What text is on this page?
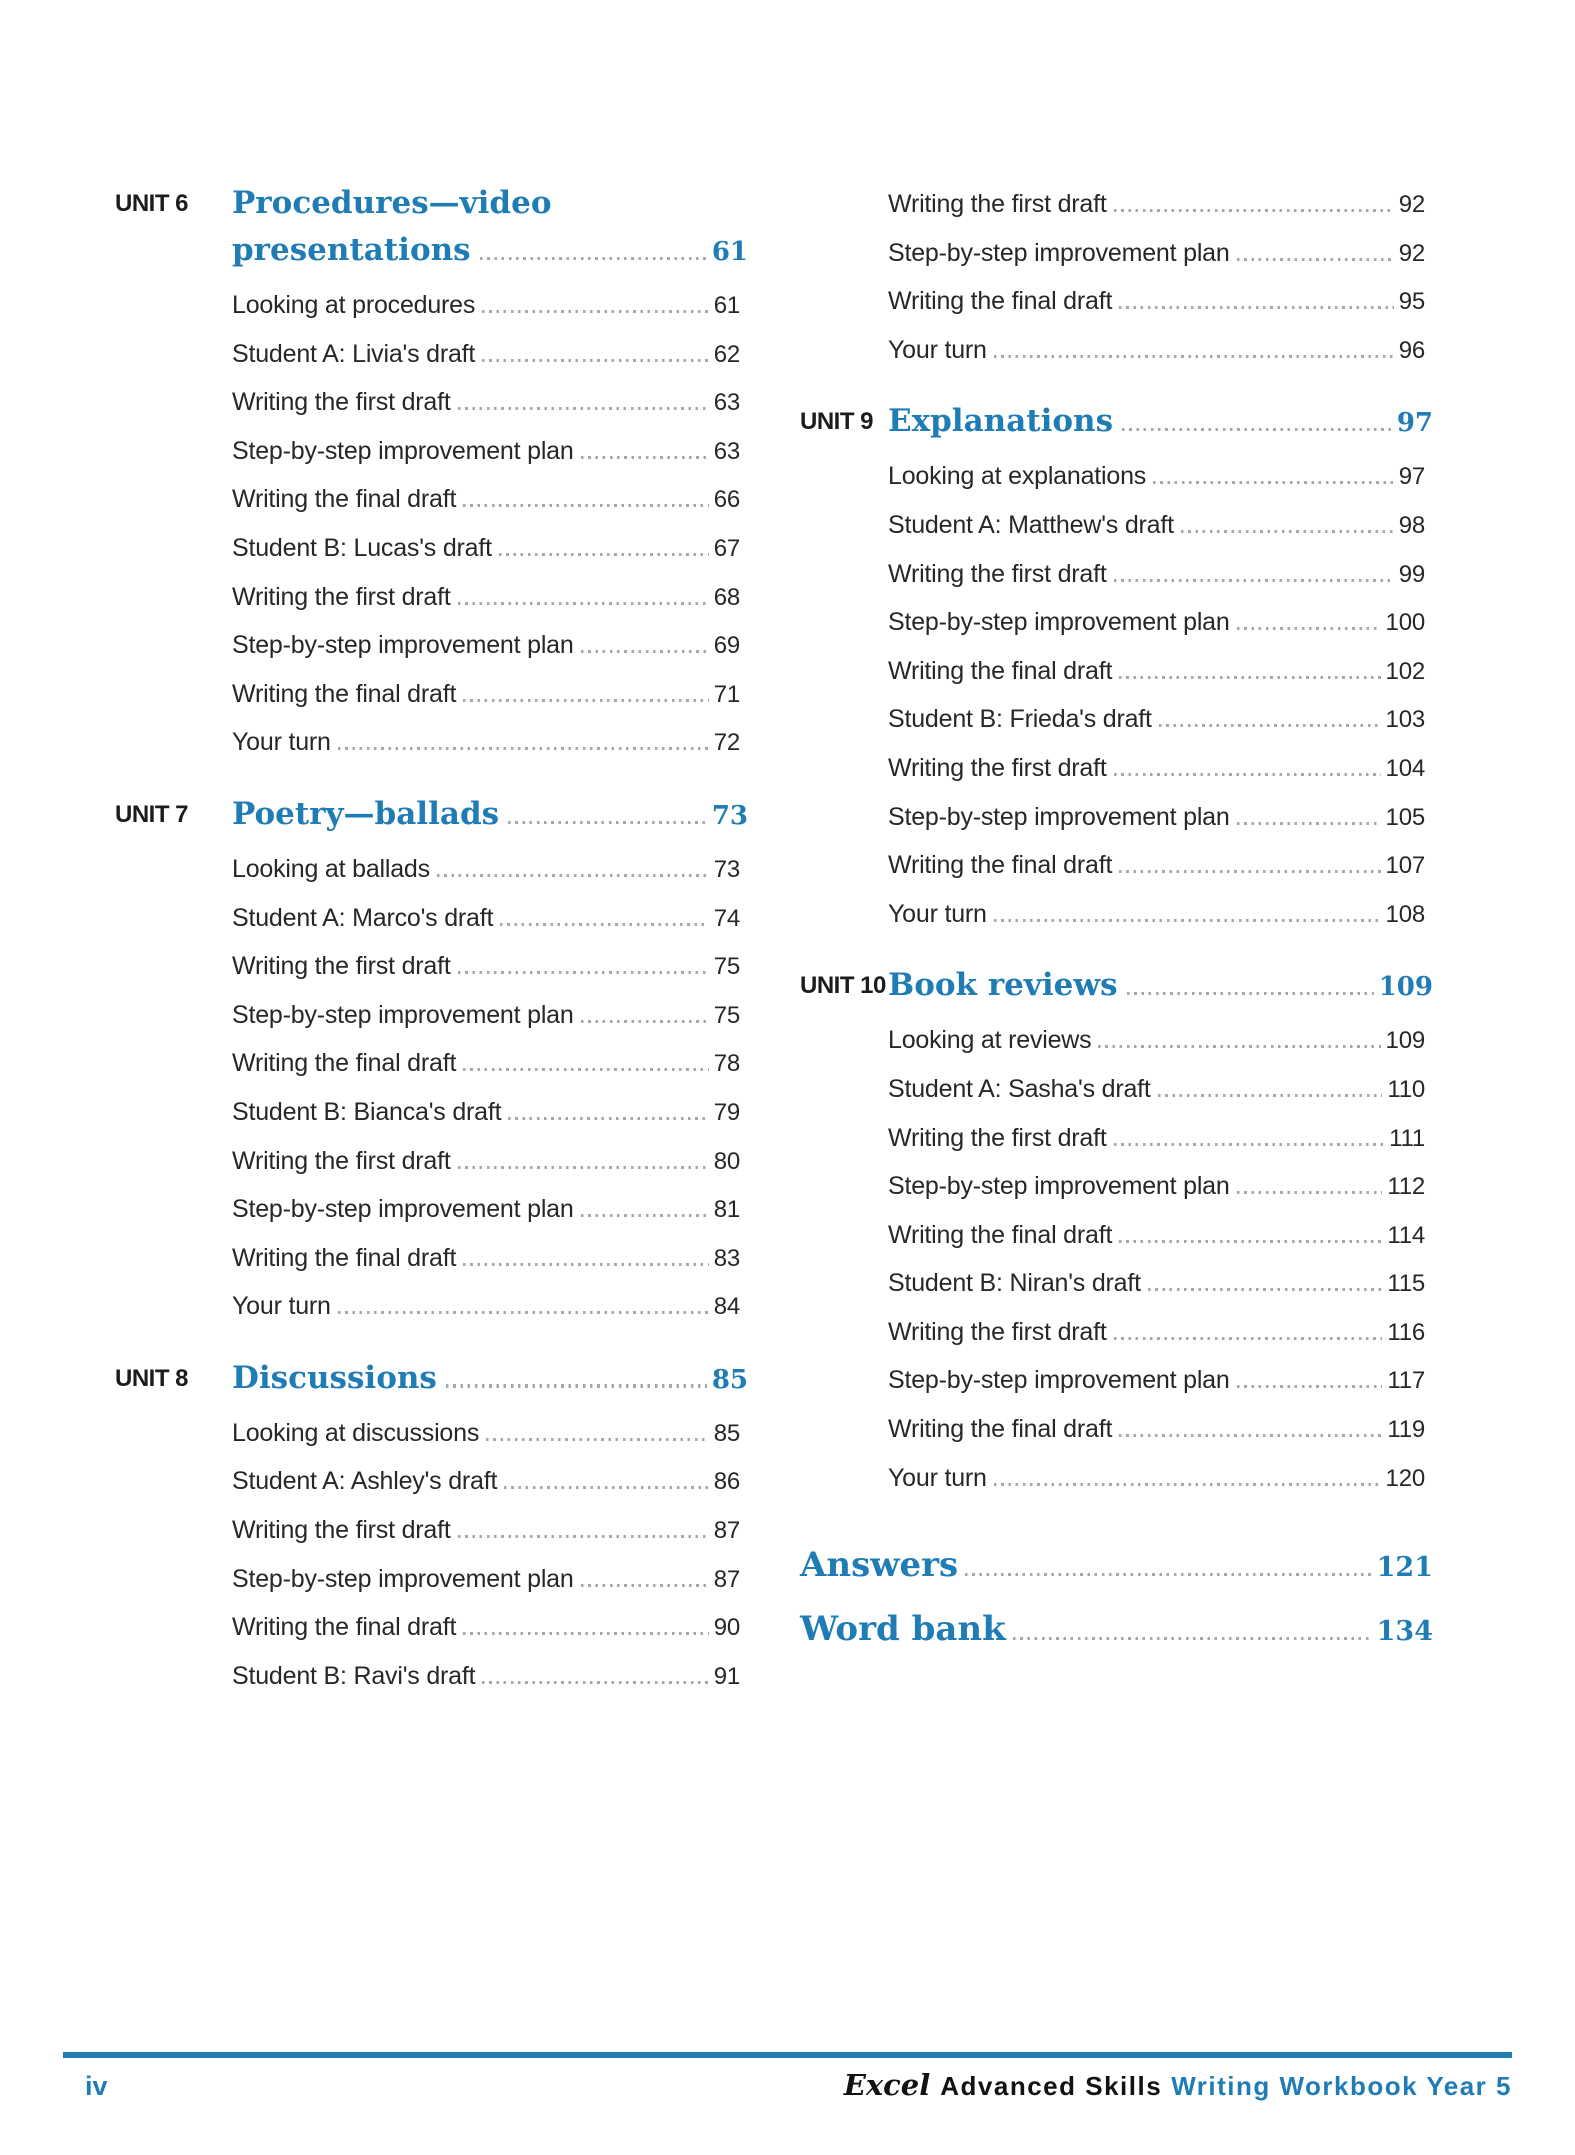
UNIT 6	Procedures—video
presentations	61
Looking at procedures	61
Student A: Livia's draft	62
Writing the first draft	63
Step-by-step improvement plan	63
Writing the final draft	66
Student B: Lucas's draft	67
Writing the first draft	68
Step-by-step improvement plan	69
Writing the final draft	71
Your turn	72
UNIT 7	Poetry—ballads	73
Looking at ballads	73
Student A: Marco's draft	74
Writing the first draft	75
Step-by-step improvement plan	75
Writing the final draft	78
Student B: Bianca's draft	79
Writing the first draft	80
Step-by-step improvement plan	81
Writing the final draft	83
Your turn	84
UNIT 8	Discussions	85
Looking at discussions	85
Student A: Ashley's draft	86
Writing the first draft	87
Step-by-step improvement plan	87
Writing the final draft	90
Student B: Ravi's draft	91
Writing the first draft	92
Step-by-step improvement plan	92
Writing the final draft	95
Your turn	96
UNIT 9 Explanations	97
Looking at explanations	97
Student A: Matthew's draft	98
Writing the first draft	99
Step-by-step improvement plan	100
Writing the final draft	102
Student B: Frieda's draft	103
Writing the first draft	104
Step-by-step improvement plan	105
Writing the final draft	107
Your turn	108
UNIT 10 Book reviews	109
Looking at reviews	109
Student A: Sasha's draft	110
Writing the first draft	111
Step-by-step improvement plan	112
Writing the final draft	114
Student B: Niran's draft	115
Writing the first draft	116
Step-by-step improvement plan	117
Writing the final draft	119
Your turn	120
Answers	121
Word bank	134
iv	Excel Advanced Skills Writing Workbook Year 5
